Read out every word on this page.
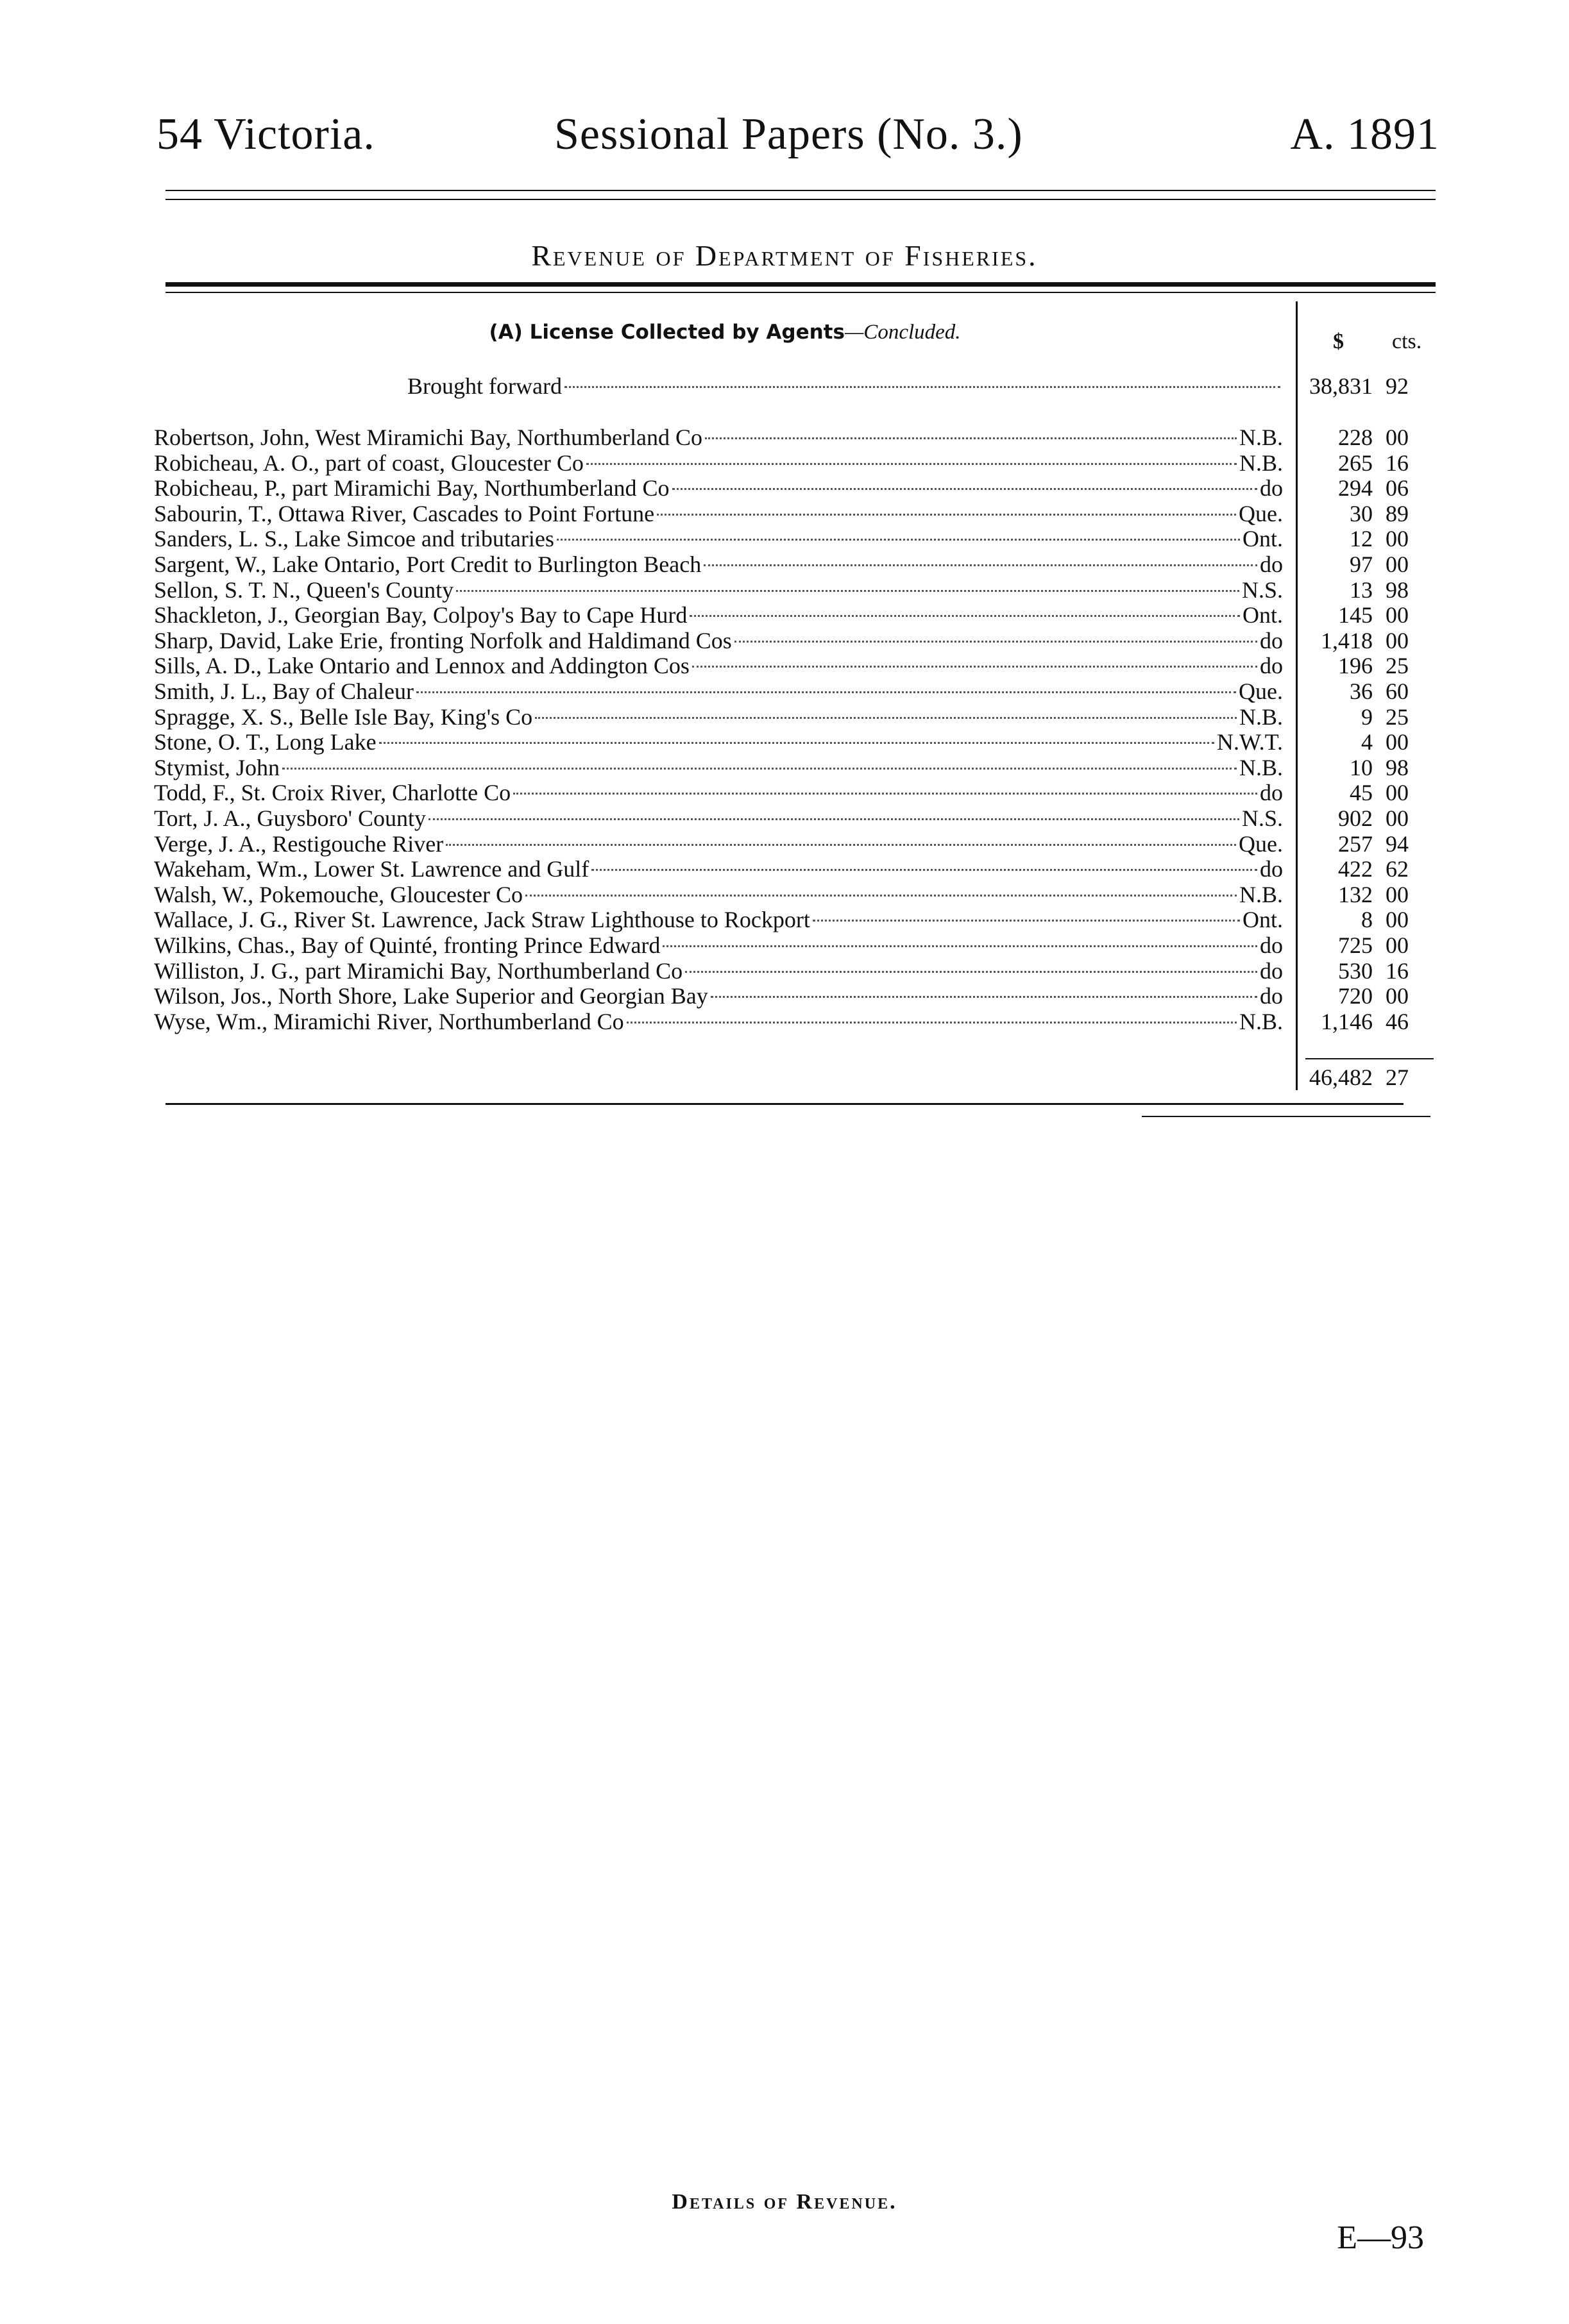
54 Victoria.	Sessional Papers (No. 3.)	A. 1891
Revenue of Department of Fisheries.
(A) License Collected by Agents—Concluded.	$ cts.
Brought forward	38,831 92
Robertson, John, West Miramichi Bay, Northumberland Co	N.B. 228 00
Robicheau, A. O., part of coast, Gloucester Co	N.B. 265 16
Robicheau, P., part Miramichi Bay, Northumberland Co	do 294 06
Sabourin, T., Ottawa River, Cascades to Point Fortune	Que.	30 89
Sanders, L. S., Lake Simcoe and tributaries	Ont.	12 00
Sargent, W., Lake Ontario, Port Credit to Burlington Beach	do	97 00
Sellon, S. T. N., Queen's County	N.S.	13 98
Shackleton, J., Georgian Bay, Colpoy's Bay to Cape Hurd	Ont. 145 00
Sharp, David, Lake Erie, fronting Norfolk and Haldimand Cos	do 1,418 00
Sills, A. D., Lake Ontario and Lennox and Addington Cos	do 196 25
Smith, J. L., Bay of Chaleur	Que.	36 60
Spragge, X. S., Belle Isle Bay, King's Co	N.B.	9 25
Stone, O. T., Long Lake	N.W.T.	4 00
Stymist, John	N.B.	10 98
Todd, F., St. Croix River, Charlotte Co	do	45 00
Tort, J. A., Guysboro' County	N.S. 902 00
Verge, J. A., Restigouche River	Que. 257 94
Wakeham, Wm., Lower St. Lawrence and Gulf	do 422 62
Walsh, W., Pokemouche, Gloucester Co	N.B. 132 00
Wallace, J. G., River St. Lawrence, Jack Straw Lighthouse to Rockport	Ont.	8 00
Wilkins, Chas., Bay of Quinté, fronting Prince Edward	do 725 00
Williston, J. G., part Miramichi Bay, Northumberland Co	do 530 16
Wilson, Jos., North Shore, Lake Superior and Georgian Bay	do 720 00
Wyse, Wm., Miramichi River, Northumberland Co	N.B. 1,146 46
46,482 27
Details of Revenue.
E—93
